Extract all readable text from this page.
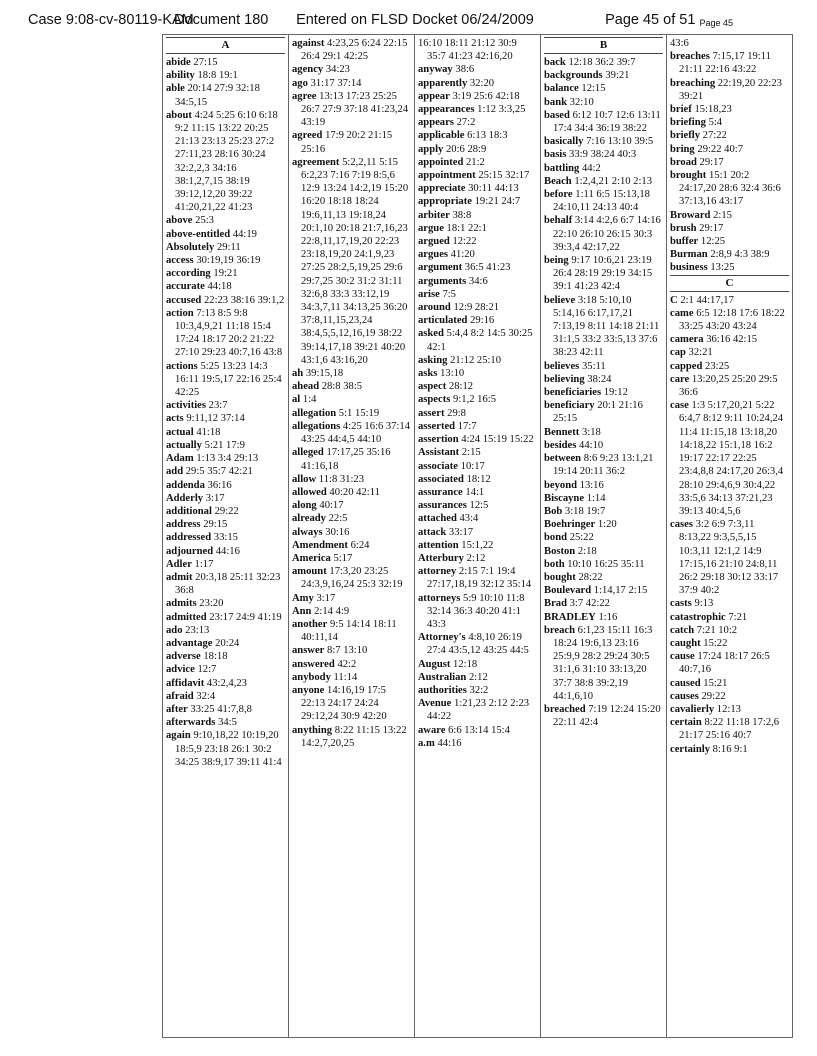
Case 9:08-cv-80119-KAM Document 180 Entered on FLSD Docket 06/24/2009	Page 45 of 51 Page 45
A
abide 27:15
ability 18:8 19:1
able 20:14 27:9 32:18 34:5,15
about 4:24 5:25 6:10 6:18 9:2 11:15 13:22 20:25 21:13 23:13 25:23 27:2 27:11,23 28:16 30:24 32:2,2,3 34:16 38:1,2,7,15 38:19 39:12,12,20 39:22 41:20,21,22 41:23
above 25:3
above-entitled 44:19
Absolutely 29:11
access 30:19,19 36:19
according 19:21
accurate 44:18
accused 22:23 38:16 39:1,2
action 7:13 8:5 9:8 10:3,4,9,21 11:18 15:4 17:24 18:17 20:2 21:22 27:10 29:23 40:7,16 43:8
actions 5:25 13:23 14:3 16:11 19:5,17 22:16 25:4 42:25
activities 23:7
acts 9:11,12 37:14
actual 41:18
actually 5:21 17:9
Adam 1:13 3:4 29:13
add 29:5 35:7 42:21
addenda 36:16
Adderly 3:17
additional 29:22
address 29:15
addressed 33:15
adjourned 44:16
Adler 1:17
admit 20:3,18 25:11 32:23 36:8
admits 23:20
admitted 23:17 24:9 41:19
ado 23:13
advantage 20:24
adverse 18:18
advice 12:7
affidavit 43:2,4,23
afraid 32:4
after 33:25 41:7,8,8
afterwards 34:5
again 9:10,18,22 10:19,20 18:5,9 23:18 26:1 30:2 34:25 38:9,17 39:11 41:4

against 4:23,25 6:24 22:15 26:4 29:1 42:25
agency 34:23
ago 31:17 37:14
agree 13:13 17:23 25:25 26:7 27:9 37:18 41:23,24 43:19
agreed 17:9 20:2 21:15 25:16
agreement 5:2,2,11 5:15 6:2,23 7:16 7:19 8:5,6 12:9 13:24 14:2,19 15:20 16:20 18:18 18:24 19:6,11,13 19:18,24 20:1,10 20:18 21:7,16,23 22:8,11,17,19,20 22:23 23:18,19,20 24:1,9,23 27:25 28:2,5,19,25 29:6 29:7,25 30:2 31:2 31:11 32:6,8 33:3 33:12,19 34:3,7,11 34:13,25 36:20 37:8,11,15,23,24 38:4,5,5,12,16,19 38:22 39:14,17,18 39:21 40:20 43:1,6 43:16,20
ah 39:15,18
ahead 28:8 38:5
al 1:4
allegation 5:1 15:19
allegations 4:25 16:6 37:14 43:25 44:4,5 44:10
alleged 17:17,25 35:16 41:16,18
allow 11:8 31:23
allowed 40:20 42:11
along 40:17
already 22:5
always 30:16
Amendment 6:24
America 5:17
amount 17:3,20 23:25 24:3,9,16,24 25:3 32:19
Amy 3:17
Ann 2:14 4:9
another 9:5 14:14 18:11 40:11,14
answer 8:7 13:10
answered 42:2
anybody 11:14
anyone 14:16,19 17:5 22:13 24:17 24:24 29:12,24 30:9 42:20
anything 8:22 11:15 13:22 14:2,7,20,25

16:10 18:11 21:12 30:9 35:7 41:23 42:16,20
anyway 38:6
apparently 32:20
appear 3:19 25:6 42:18
appearances 1:12 3:3,25
appears 27:2
applicable 6:13 18:3
apply 20:6 28:9
appointed 21:2
appointment 25:15 32:17
appreciate 30:11 44:13
appropriate 19:21 24:7
arbiter 38:8
argue 18:1 22:1
argued 12:22
argues 41:20
argument 36:5 41:23
arguments 34:6
arise 7:5
around 12:9 28:21
articulated 29:16
asked 5:4,4 8:2 14:5 30:25 42:1
asking 21:12 25:10
asks 13:10
aspect 28:12
aspects 9:1,2 16:5
assert 29:8
asserted 17:7
assertion 4:24 15:19 15:22
Assistant 2:15
associate 10:17
associated 18:12
assurance 14:1
assurances 12:5
attached 43:4
attack 33:17
attention 15:1,22
Atterbury 2:12
attorney 2:15 7:1 19:4 27:17,18,19 32:12 35:14
attorneys 5:9 10:10 11:8 32:14 36:3 40:20 41:1 43:3
Attorney's 4:8,10 26:19 27:4 43:5,12 43:25 44:5
August 12:18
Australian 2:12
authorities 32:2
Avenue 1:21,23 2:12 2:23 44:22
aware 6:6 13:14 15:4
a.m 44:16

B
back 12:18 36:2 39:7
backgrounds 39:21
balance 12:15
bank 32:10
based 6:12 10:7 12:6 13:11 17:4 34:4 36:19 38:22
basically 7:16 13:10 39:5
basis 33:9 38:24 40:3
battling 44:2
Beach 1:2,4,21 2:10 2:13
before 1:11 6:5 15:13,18 24:10,11 24:13 40:4
behalf 3:14 4:2,6 6:7 14:16 22:10 26:10 26:15 30:3 39:3,4 42:17,22
being 9:17 10:6,21 23:19 26:4 28:19 29:19 34:15 39:1 41:23 42:4
believe 3:18 5:10,10 5:14,16 6:17,17,21 7:13,19 8:11 14:18 21:11 31:1,5 33:2 33:5,13 37:6 38:23 42:11
believes 35:11
believing 38:24
beneficiaries 19:12
beneficiary 20:1 21:16 25:15
Bennett 3:18
besides 44:10
between 8:6 9:23 13:1,21 19:14 20:11 36:2
beyond 13:16
Biscayne 1:14
Bob 3:18 19:7
Boehringer 1:20
bond 25:22
Boston 2:18
both 10:10 16:25 35:11
bought 28:22
Boulevard 1:14,17 2:15
Brad 3:7 42:22
BRADLEY 1:16
breach 6:1,23 15:11 16:3 18:24 19:6,13 23:16 25:9,9 28:2 29:24 30:5 31:1,6 31:10 33:13,20 37:7 38:8 39:2,19 44:1,6,10
breached 7:19 12:24 15:20 22:11 42:4

43:6
breaches 7:15,17 19:11 21:11 22:16 43:22
breaching 22:19,20 22:23 39:21
brief 15:18,23
briefing 5:4
briefly 27:22
bring 29:22 40:7
broad 29:17
brought 15:1 20:2 24:17,20 28:6 32:4 36:6 37:13,16 43:17
Broward 2:15
brush 29:17
buffer 12:25
Burman 2:8,9 4:3 38:9
business 13:25
C
C 2:1 44:17,17
came 6:5 12:18 17:6 18:22 33:25 43:20 43:24
camera 36:16 42:15
cap 32:21
capped 23:25
care 13:20,25 25:20 29:5 36:6
case 1:3 5:17,20,21 5:22 6:4,7 8:12 9:11 10:24,24 11:4 11:15,18 13:18,20 14:18,22 15:1,18 16:2 19:17 22:17 22:25 23:4,8,8 24:17,20 26:3,4 28:10 29:4,6,9 30:4,22 33:5,6 34:13 37:21,23 39:13 40:4,5,6
cases 3:2 6:9 7:3,11 8:13,22 9:3,5,5,15 10:3,11 12:1,2 14:9 17:15,16 21:10 24:8,11 26:2 29:18 30:12 33:17 37:9 40:2
casts 9:13
catastrophic 7:21
catch 7:21 10:2
caught 15:22
cause 17:24 18:17 26:5 40:7,16
caused 15:21
causes 29:22
cavalierly 12:13
certain 8:22 11:18 17:2,6 21:17 25:16 40:7
certainly 8:16 9:1
